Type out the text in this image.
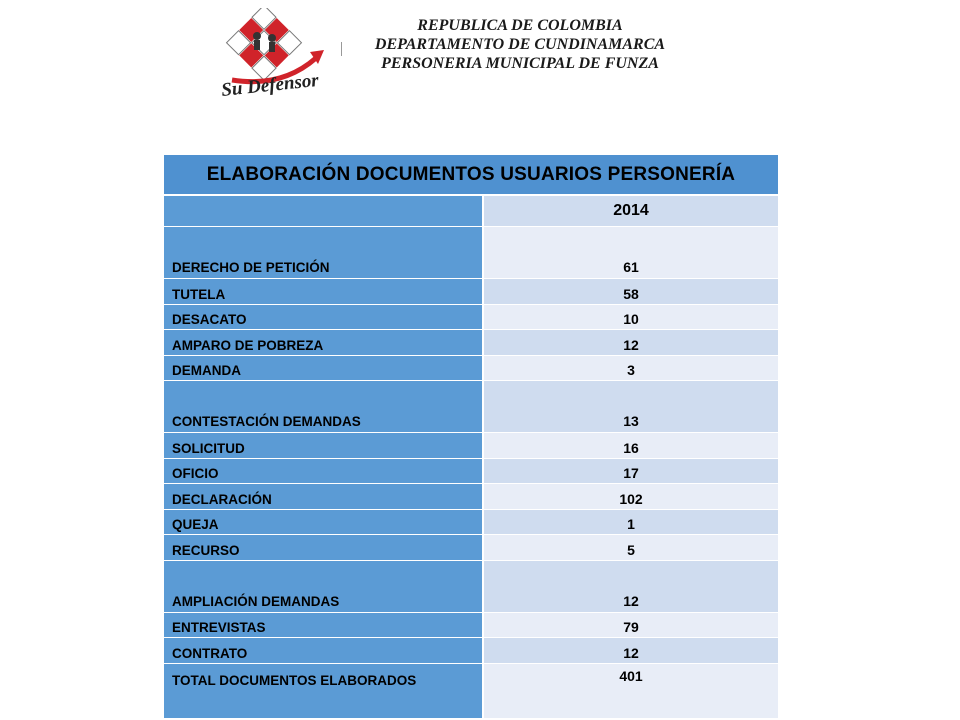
Su Defensor
REPUBLICA DE COLOMBIA
DEPARTAMENTO DE CUNDINAMARCA
PERSONERIA MUNICIPAL DE FUNZA
ELABORACIÓN DOCUMENTOS USUARIOS PERSONERÍA
2014
DERECHO DE PETICIÓN	61
TUTELA	58
DESACATO	10
AMPARO DE POBREZA	12
DEMANDA	3
CONTESTACIÓN DEMANDAS	13
SOLICITUD	16
OFICIO	17
DECLARACIÓN	102
QUEJA	1
RECURSO	5
AMPLIACIÓN DEMANDAS	12
ENTREVISTAS	79
CONTRATO	12
TOTAL DOCUMENTOS ELABORADOS	401
